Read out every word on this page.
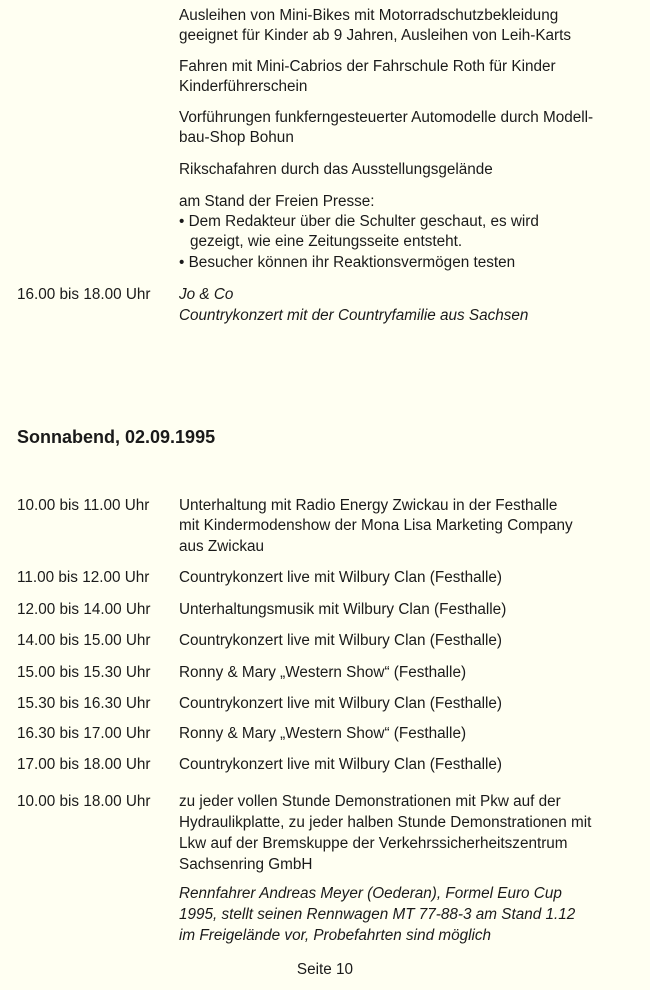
Ausleihen von Mini-Bikes mit Motorradschutzbekleidung
geeignet für Kinder ab 9 Jahren, Ausleihen von Leih-Karts
Fahren mit Mini-Cabrios der Fahrschule Roth für Kinder
Kinderführerschein
Vorführungen funkferngesteuerter Automodelle durch Modell-
bau-Shop Bohun
Rikschafahren durch das Ausstellungsgelände
am Stand der Freien Presse:
• Dem Redakteur über die Schulter geschaut, es wird
gezeigt, wie eine Zeitungsseite entsteht.
• Besucher können ihr Reaktionsvermögen testen
16.00 bis 18.00 Uhr Jo & Co
Countrykonzert mit der Countryfamilie aus Sachsen
Sonnabend, 02.09.1995
10.00 bis 11.00 Uhr Unterhaltung mit Radio Energy Zwickau in der Festhalle
mit Kindermodenshow der Mona Lisa Marketing Company
aus Zwickau
11.00 bis 12.00 Uhr Countrykonzert live mit Wilbury Clan (Festhalle)
12.00 bis 14.00 Uhr Unterhaltungsmusik mit Wilbury Clan (Festhalle)
14.00 bis 15.00 Uhr Countrykonzert live mit Wilbury Clan (Festhalle)
15.00 bis 15.30 Uhr Ronny & Mary „Western Show“ (Festhalle)
15.30 bis 16.30 Uhr Countrykonzert live mit Wilbury Clan (Festhalle)
16.30 bis 17.00 Uhr Ronny & Mary „Western Show“ (Festhalle)
17.00 bis 18.00 Uhr Countrykonzert live mit Wilbury Clan (Festhalle)
10.00 bis 18.00 Uhr zu jeder vollen Stunde Demonstrationen mit Pkw auf der
Hydraulikplatte, zu jeder halben Stunde Demonstrationen mit
Lkw auf der Bremskuppe der Verkehrssicherheitszentrum
Sachsenring GmbH
Rennfahrer Andreas Meyer (Oederan), Formel Euro Cup
1995, stellt seinen Rennwagen MT 77-88-3 am Stand 1.12
im Freigelände vor, Probefahrten sind möglich
Seite 10
